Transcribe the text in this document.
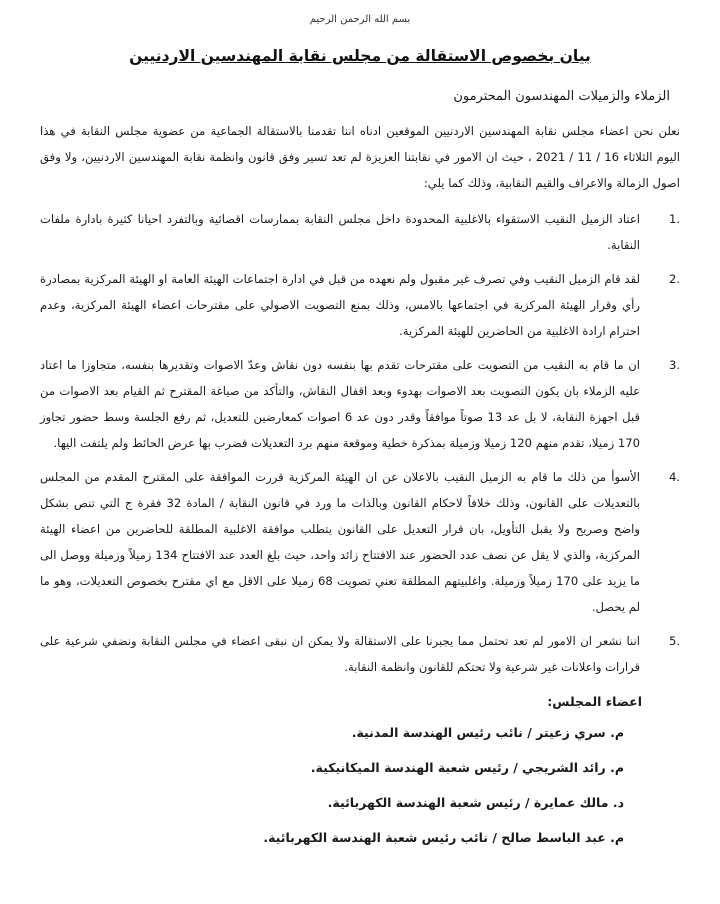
بسم الله الرحمن الرحيم

بيان بخصوص الاستقالة من مجلس نقابة المهندسين الاردنيين

الزملاء والزميلات المهندسون المحترمون

نعلن نحن اعضاء مجلس نقابة المهندسين الاردنيين الموقعين ادناه اننا تقدمنا بالاستقالة الجماعية من عضوية مجلس النقابة في هذا اليوم الثلاثاء 16 / 11 / 2021 ، حيث ان الامور في نقابتنا العزيزة لم تعد تسير وفق قانون وانظمة نقابة المهندسين الاردنيين، ولا وفق اصول الزمالة والاعراف والقيم النقابية، وذلك كما يلي:

1.
اعتاد الزميل النقيب الاستقواء بالاغلبية المحدودة داخل مجلس النقابة بممارسات اقصائية وبالتفرد احيانا كثيرة بادارة ملفات النقابة.
2.
لقد قام الزميل النقيب وفي تصرف غير مقبول ولم نعهده من قبل في ادارة اجتماعات الهيئة العامة او الهيئة المركزية بمصادرة رأي وقرار الهيئة المركزية في اجتماعها بالامس، وذلك بمنع التصويت الاصولي على مقترحات اعضاء الهيئة المركزية، وعدم احترام ارادة الاغلبية من الحاضرين للهيئة المركزية.
3.
ان ما قام به النقيب من التصويت على مقترحات تقدم بها بنفسه دون نقاش وعدّ الاصوات وتقديرها بنفسه، متجاوزا ما اعتاد عليه الزملاء بان يكون التصويت بعد الاصوات بهدوء وبعد اقفال النقاش، والتأكد من صياغة المقترح ثم القيام بعد الاصوات من قبل اجهزة النقابة، لا بل عد 13 صوتاً موافقاً وقدر دون عد 6 اصوات كمعارضين للتعديل، ثم رفع الجلسة وسط حضور تجاوز 170 زميلا، تقدم منهم 120 زميلا وزميلة بمذكرة خطية وموقعة منهم برد التعديلات فضرب بها عرض الحائط ولم يلتفت اليها.
4.
الأسوأ من ذلك ما قام به الزميل النقيب بالاعلان عن ان الهيئة المركزية قررت الموافقة على المقترح المقدم من المجلس بالتعديلات على القانون، وذلك خلافاً لاحكام القانون وبالذات ما ورد في قانون النقابة / المادة 32 فقرة ج التي تنص بشكل واضح وصريح ولا يقبل التأويل، بان قرار التعديل على القانون يتطلب موافقة الاغلبية المطلقة للحاضرين من اعضاء الهيئة المركزية، والذي لا يقل عن نصف عدد الحضور عند الافتتاح زائد واحد، حيث بلغ العدد عند الافتتاح 134 زميلاً وزميلة ووصل الى ما يزيد على 170 زميلاً وزميلة. واغلبيتهم المطلقة تعني تصويت 68 زميلا على الاقل مع اي مقترح بخصوص التعديلات، وهو ما لم يحصل.
5.
اننا نشعر ان الامور لم تعد تحتمل مما يجبرنا على الاستقالة ولا يمكن ان نبقى اعضاء في مجلس النقابة ونضفي شرعية على قرارات واعلانات غير شرعية ولا تحتكم للقانون وانظمة النقابة.

اعضاء المجلس:

م. سري زعيتر / نائب رئيس الهندسة المدنية.

م. رائد الشريجي / رئيس شعبة الهندسة الميكانيكية.

د. مالك عمايرة / رئيس شعبة الهندسة الكهربائية.

م. عبد الباسط صالح / نائب رئيس شعبة الهندسة الكهربائية.
